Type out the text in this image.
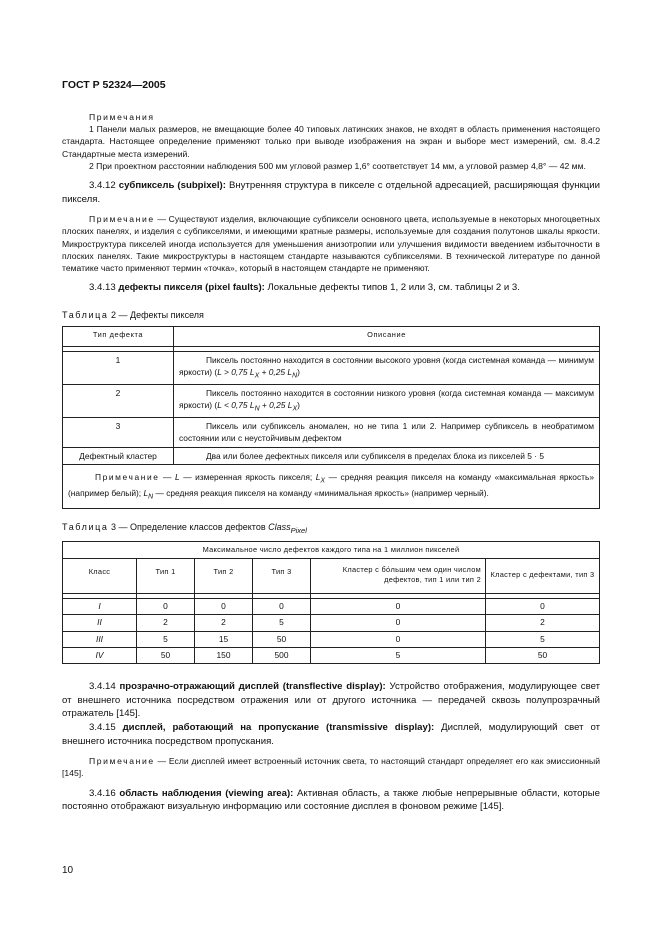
ГОСТ Р 52324—2005
Примечания
1 Панели малых размеров, не вмещающие более 40 типовых латинских знаков, не входят в область применения настоящего стандарта. Настоящее определение применяют только при выводе изображения на экран и выборе мест измерений, см. 8.4.2 Стандартные места измерений.
2 При проектном расстоянии наблюдения 500 мм угловой размер 1,6° соответствует 14 мм, а угловой размер 4,8° — 42 мм.
3.4.12 субпиксель (subpixel): Внутренняя структура в пикселе с отдельной адресацией, расширяющая функции пикселя.
Примечание — Существуют изделия, включающие субпиксели основного цвета, используемые в некоторых многоцветных плоских панелях, и изделия с субпикселями, и имеющими кратные размеры, используемые для создания полутонов шкалы яркости. Микроструктура пикселей иногда используется для уменьшения анизотропии или улучшения видимости введением избыточности в плоских панелях. Такие микроструктуры в настоящем стандарте называются субпикселями. В технической литературе по данной тематике часто применяют термин «точка», который в настоящем стандарте не применяют.
3.4.13 дефекты пикселя (pixel faults): Локальные дефекты типов 1, 2 или 3, см. таблицы 2 и 3.
Таблица 2 — Дефекты пикселя
Тип дефекта	Описание

1	Пиксель постоянно находится в состоянии высокого уровня (когда системная команда — минимум яркости) (L > 0,75 $L_X + 0,25$ $L_N$)
2	Пиксель постоянно находится в состоянии низкого уровня (когда системная команда — максимум яркости) (L < 0,75 $L_N + 0,25$ $L_X$)
3	Пиксель или субпиксель аномален, но не типа 1 или 2. Например субпиксель в необратимом состоянии или с неустойчивым дефектом
Дефектный кластер	Два или более дефектных пикселя или субпикселя в пределах блока из пикселей 5 · 5
Примечание — L — измеренная яркость пикселя; $L_X$ — средняя реакция пикселя на команду «максимальная яркость» (например белый); $L_N$ — средняя реакция пикселя на команду «минимальная яркость» (например черный).	
Таблица 3 — Определение классов дефектов Class$_{Pixel}$
Максимальное число дефектов каждого типа на 1 миллион пикселей					
Класс	Тип 1	Тип 2	Тип 3	Кластер с бо́льшим чем один числом дефектов, тип 1 или тип 2	Кластер с дефектами, тип 3

I	0	0	0	0	0
II	2	2	5	0	2
III	5	15	50	0	5
IV	50	150	500	5	50
3.4.14 прозрачно-отражающий дисплей (transflective display): Устройство отображения, модулирующее свет от внешнего источника посредством отражения или от другого источника — передачей сквозь полупрозрачный отражатель [145].
3.4.15 дисплей, работающий на пропускание (transmissive display): Дисплей, модулирующий свет от внешнего источника посредством пропускания.
Примечание — Если дисплей имеет встроенный источник света, то настоящий стандарт определяет его как эмиссионный [145].
3.4.16 область наблюдения (viewing area): Активная область, а также любые непрерывные области, которые постоянно отображают визуальную информацию или состояние дисплея в фоновом режиме [145].
10
